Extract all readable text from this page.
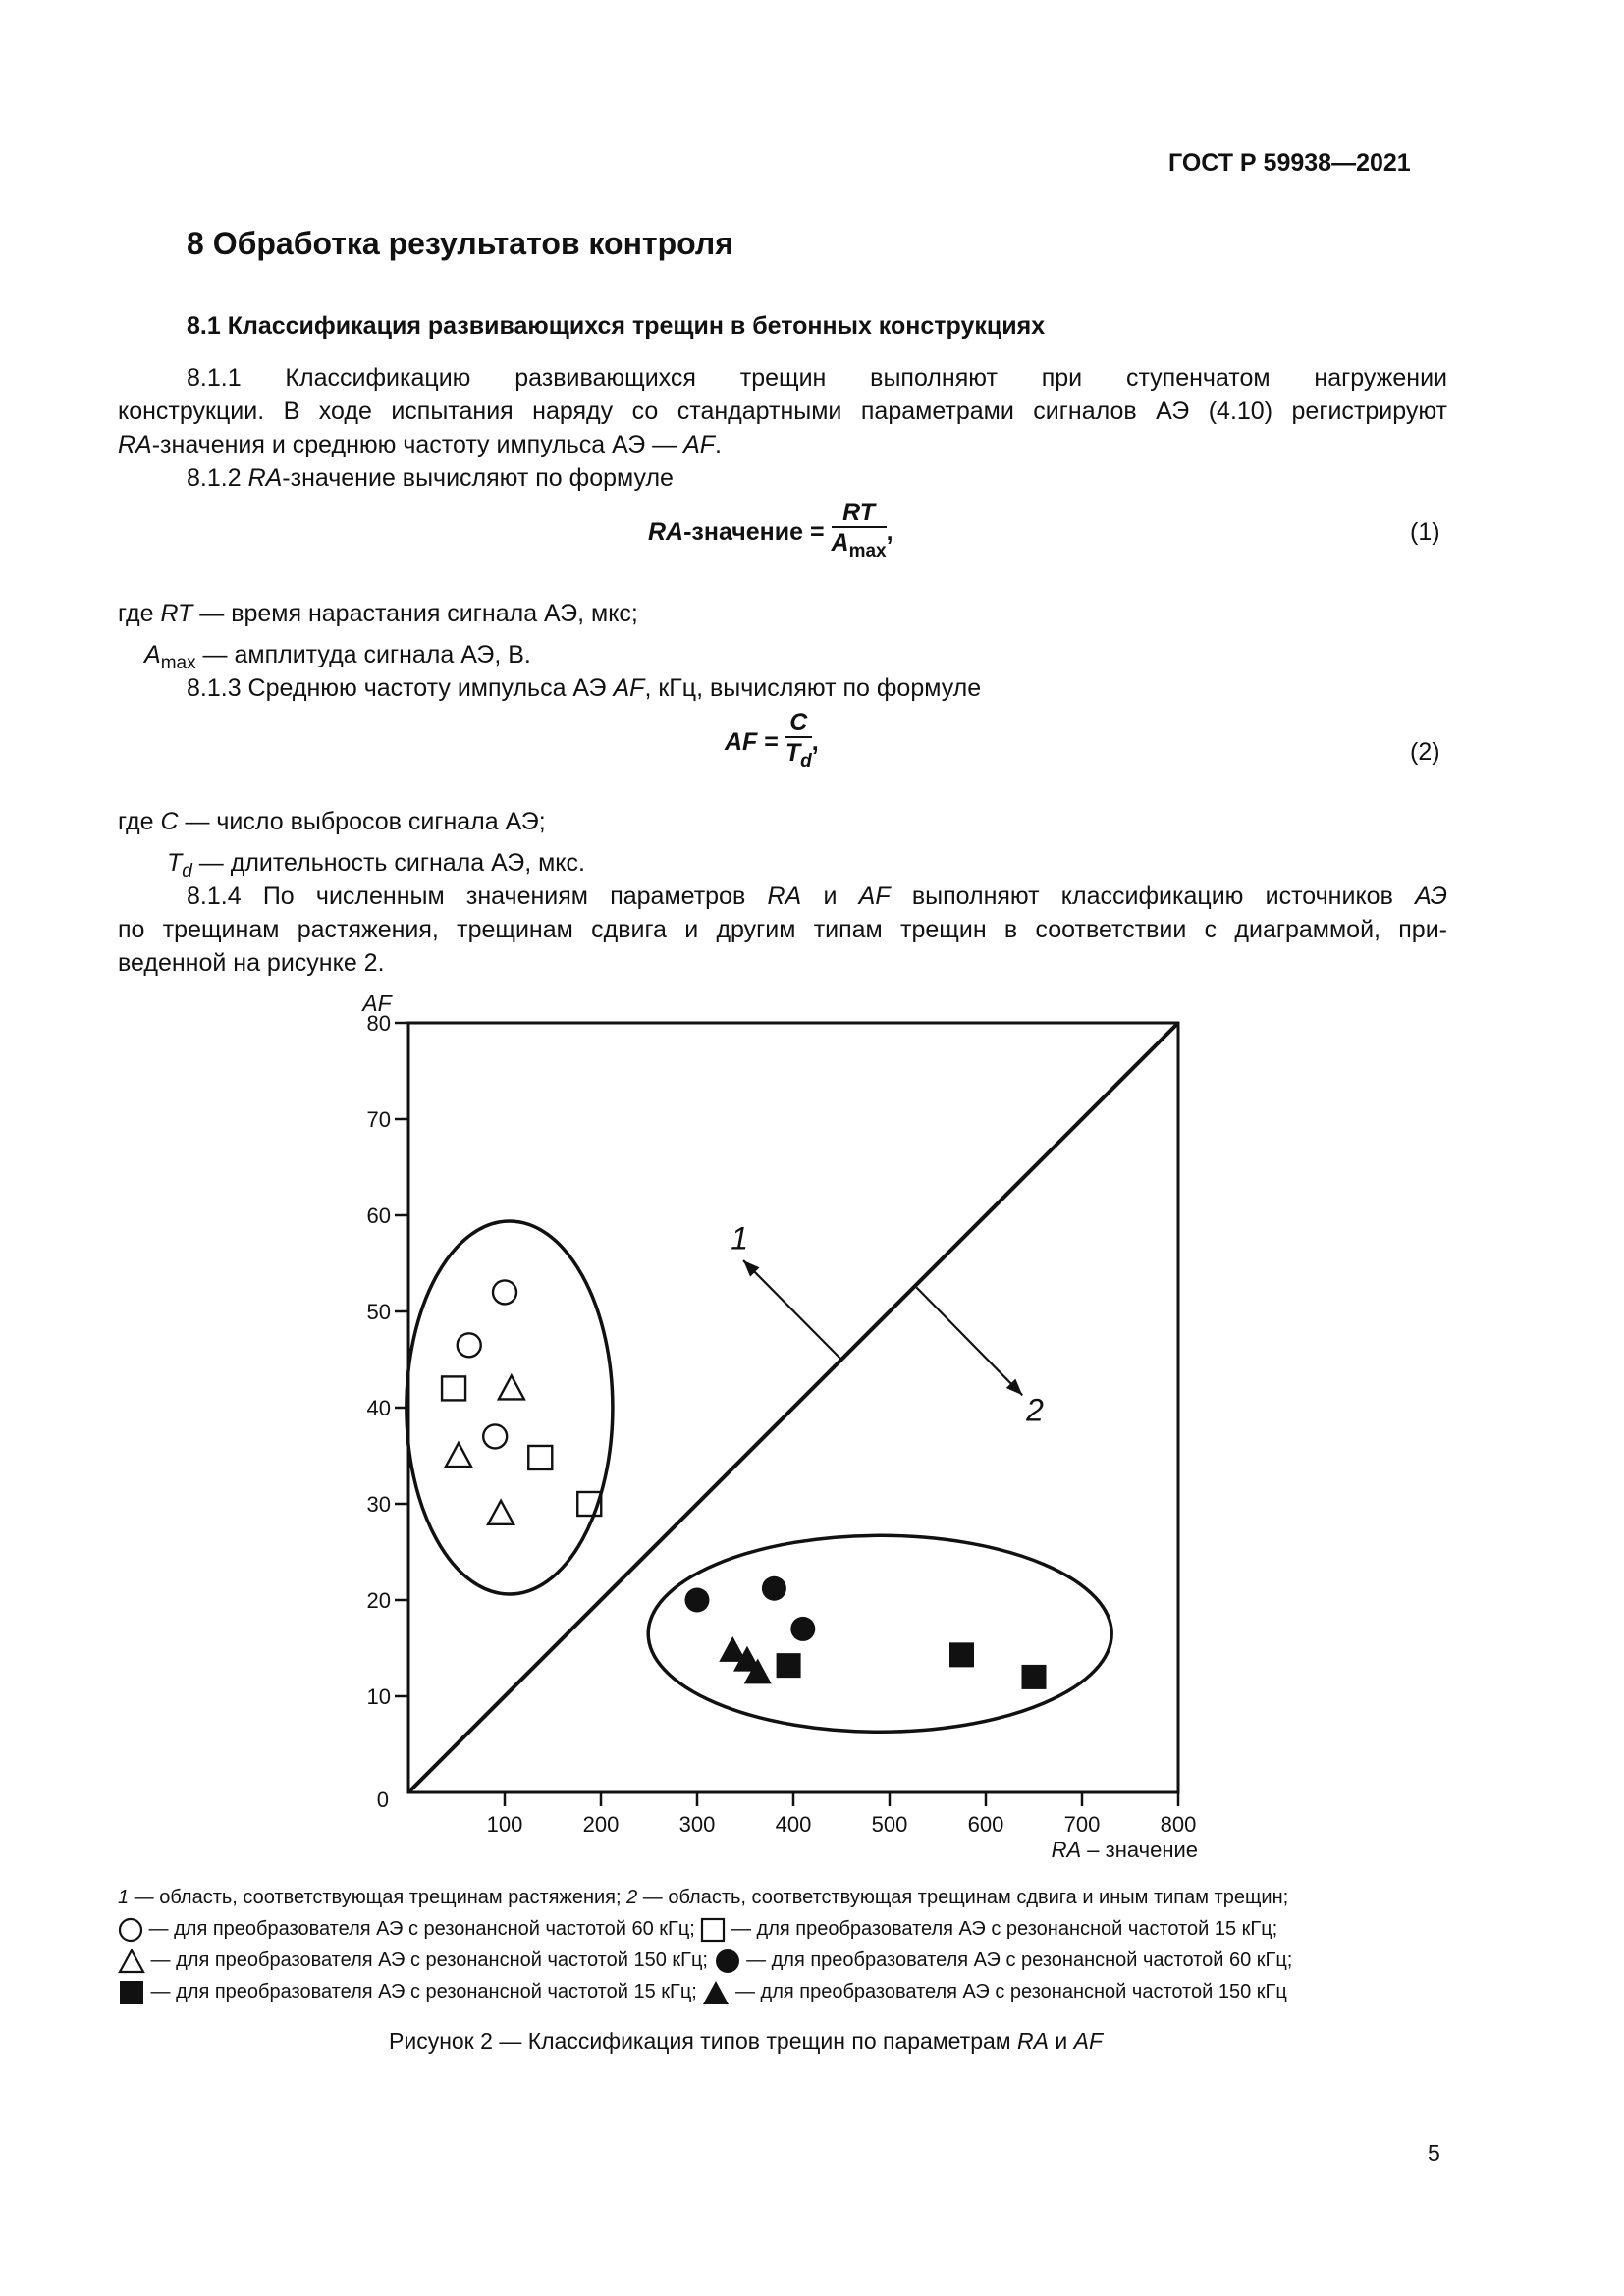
ГОСТ Р 59938—2021
8 Обработка результатов контроля
8.1 Классификация развивающихся трещин в бетонных конструкциях
8.1.1 Классификацию развивающихся трещин выполняют при ступенчатом нагружении
конструкции. В ходе испытания наряду со стандартными параметрами сигналов АЭ (4.10) регистрируют
RA-значения и среднюю частоту импульса АЭ — AF.
8.1.2 RA-значение вычисляют по формуле
RA-значение = $\frac{RT}{A_{max}}$ ,	(1)
где RT — время нарастания сигнала АЭ, мкс;
$A_{max}$ — амплитуда сигнала АЭ, В.
8.1.3 Среднюю частоту импульса АЭ AF, кГц, вычисляют по формуле
AF = $\frac{C}{T_d}$ ,	(2)
где C — число выбросов сигнала АЭ;
$T_d$ — длительность сигнала АЭ, мкс.
8.1.4 По численным значениям параметров RA и AF выполняют классификацию источников АЭ
по трещинам растяжения, трещинам сдвига и другим типам трещин в соответствии с диаграммой, при-
веденной на рисунке 2.
10
20
30
40
50
60
70
80
100	200	300	400	500	600	700	800
0
AF
RA – значение
1
2
1 — область, соответствующая трещинам растяжения; 2 — область, соответствующая трещинам сдвига и иным типам трещин;
— для преобразователя АЭ с резонансной частотой 60 кГц;  — для преобразователя АЭ с резонансной частотой 15 кГц;
— для преобразователя АЭ с резонансной частотой 150 кГц;  — для преобразователя АЭ с резонансной частотой 60 кГц;
— для преобразователя АЭ с резонансной частотой 15 кГц;  — для преобразователя АЭ с резонансной частотой 150 кГц
Рисунок 2 — Классификация типов трещин по параметрам RA и AF
5
